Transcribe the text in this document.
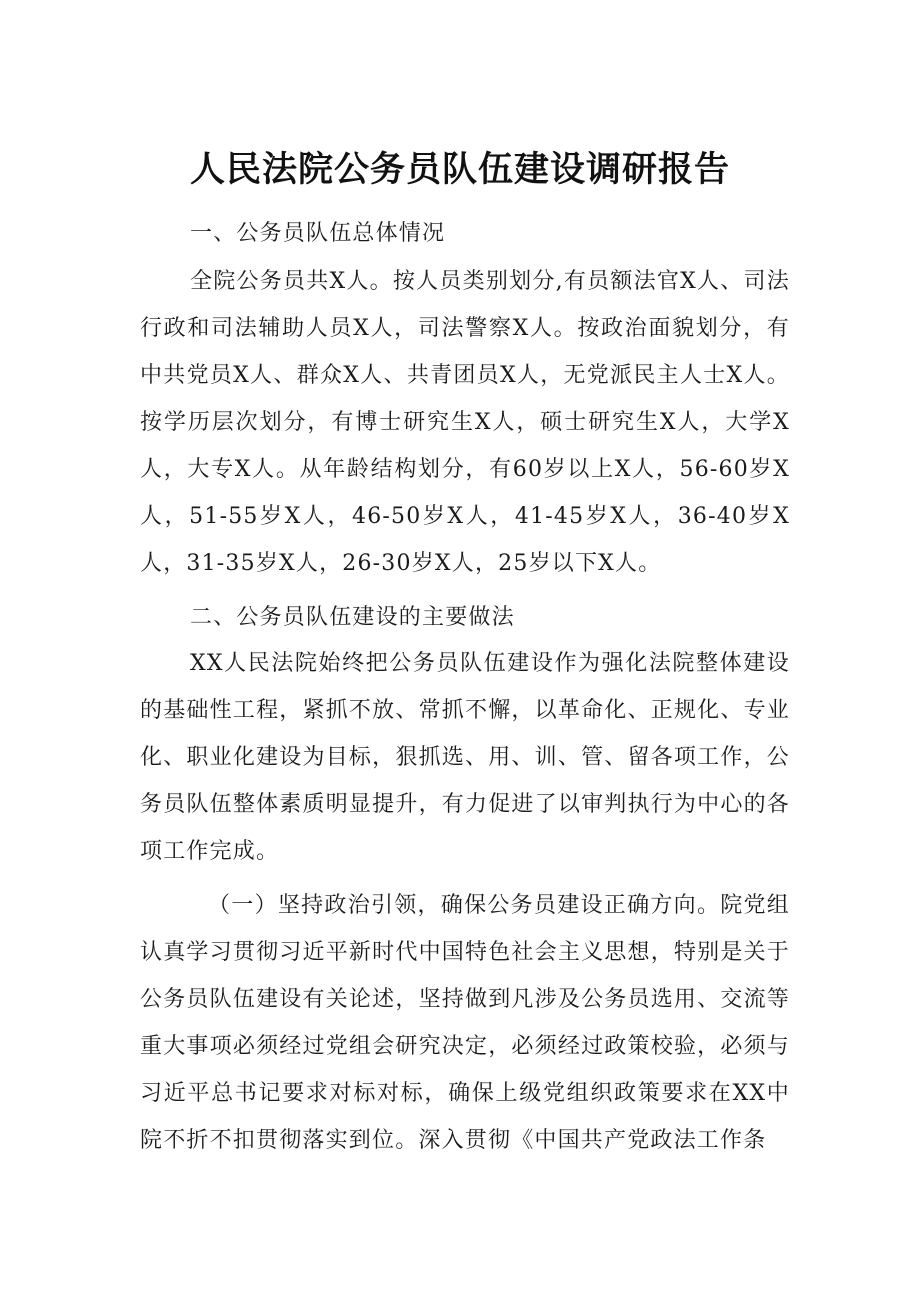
人民法院公务员队伍建设调研报告
一、公务员队伍总体情况
全院公务员共X人。按人员类别划分,有员额法官X人、司法行政和司法辅助人员X人，司法警察X人。按政治面貌划分，有中共党员X人、群众X人、共青团员X人，无党派民主人士X人。按学历层次划分，有博士研究生X人，硕士研究生X人，大学X人，大专X人。从年龄结构划分，有60岁以上X人，56-60岁X人，51-55岁X人，46-50岁X人，41-45岁X人，36-40岁X人，31-35岁X人，26-30岁X人，25岁以下X人。
二、公务员队伍建设的主要做法
XX人民法院始终把公务员队伍建设作为强化法院整体建设的基础性工程，紧抓不放、常抓不懈，以革命化、正规化、专业化、职业化建设为目标，狠抓选、用、训、管、留各项工作，公务员队伍整体素质明显提升，有力促进了以审判执行为中心的各项工作完成。
（一）坚持政治引领，确保公务员建设正确方向。院党组认真学习贯彻习近平新时代中国特色社会主义思想，特别是关于公务员队伍建设有关论述，坚持做到凡涉及公务员选用、交流等重大事项必须经过党组会研究决定，必须经过政策校验，必须与习近平总书记要求对标对标，确保上级党组织政策要求在XX中院不折不扣贯彻落实到位。深入贯彻《中国共产党政法工作条
